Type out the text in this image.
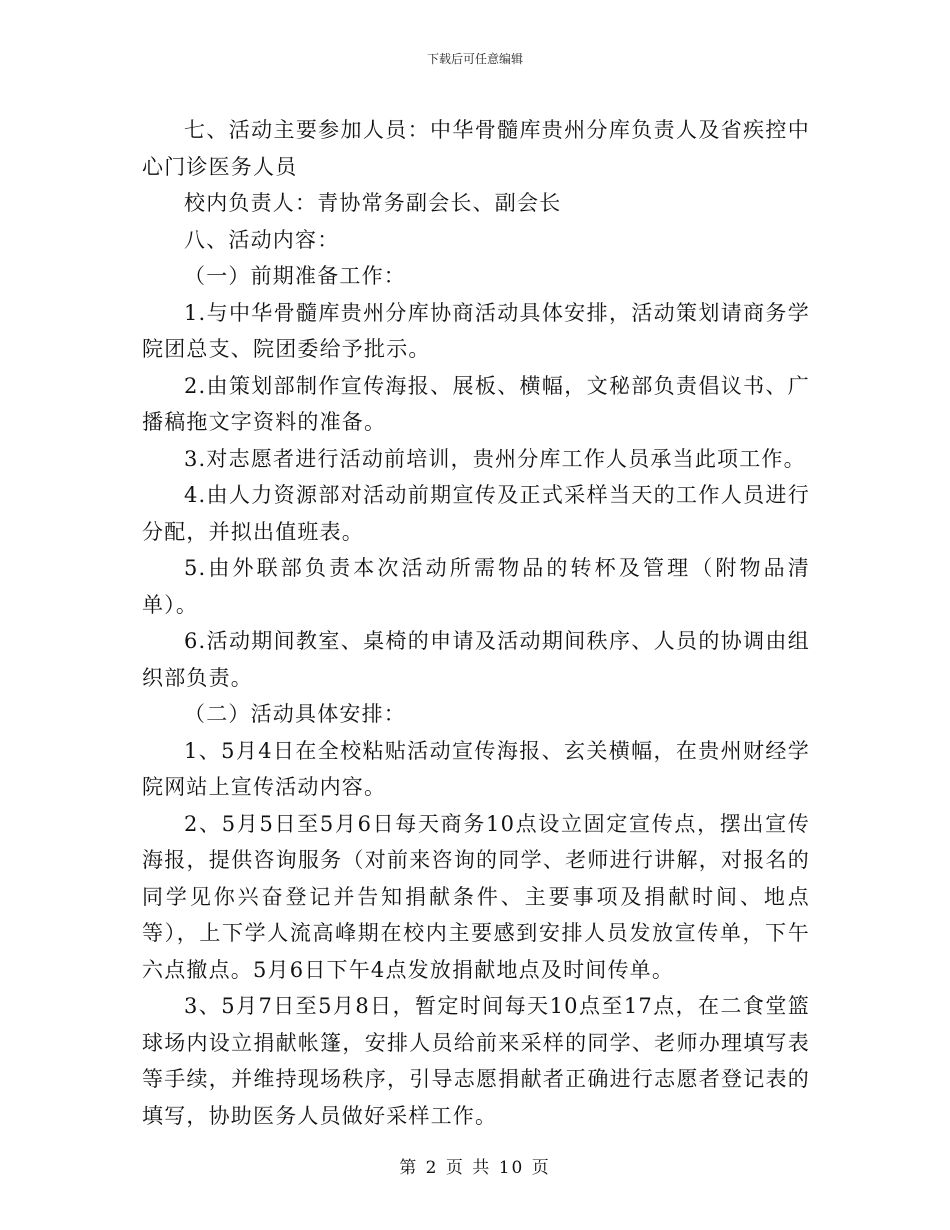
下载后可任意编辑

七、活动主要参加人员：中华骨髓库贵州分库负责人及省疾控中心门诊医务人员

校内负责人：青协常务副会长、副会长

八、活动内容：

（一）前期准备工作：

1.与中华骨髓库贵州分库协商活动具体安排，活动策划请商务学院团总支、院团委给予批示。

2.由策划部制作宣传海报、展板、横幅，文秘部负责倡议书、广播稿拖文字资料的准备。

3.对志愿者进行活动前培训，贵州分库工作人员承当此项工作。

4.由人力资源部对活动前期宣传及正式采样当天的工作人员进行分配，并拟出值班表。

5.由外联部负责本次活动所需物品的转杯及管理（附物品清单）。

6.活动期间教室、桌椅的申请及活动期间秩序、人员的协调由组织部负责。

（二）活动具体安排：

1、5月4日在全校粘贴活动宣传海报、玄关横幅，在贵州财经学院网站上宣传活动内容。

2、5月5日至5月6日每天商务10点设立固定宣传点，摆出宣传海报，提供咨询服务（对前来咨询的同学、老师进行讲解，对报名的同学见你兴奋登记并告知捐献条件、主要事项及捐献时间、地点等），上下学人流高峰期在校内主要感到安排人员发放宣传单，下午六点撤点。5月6日下午4点发放捐献地点及时间传单。

3、5月7日至5月8日，暂定时间每天10点至17点，在二食堂篮球场内设立捐献帐篷，安排人员给前来采样的同学、老师办理填写表等手续，并维持现场秩序，引导志愿捐献者正确进行志愿者登记表的填写，协助医务人员做好采样工作。

第 2 页 共 10 页
